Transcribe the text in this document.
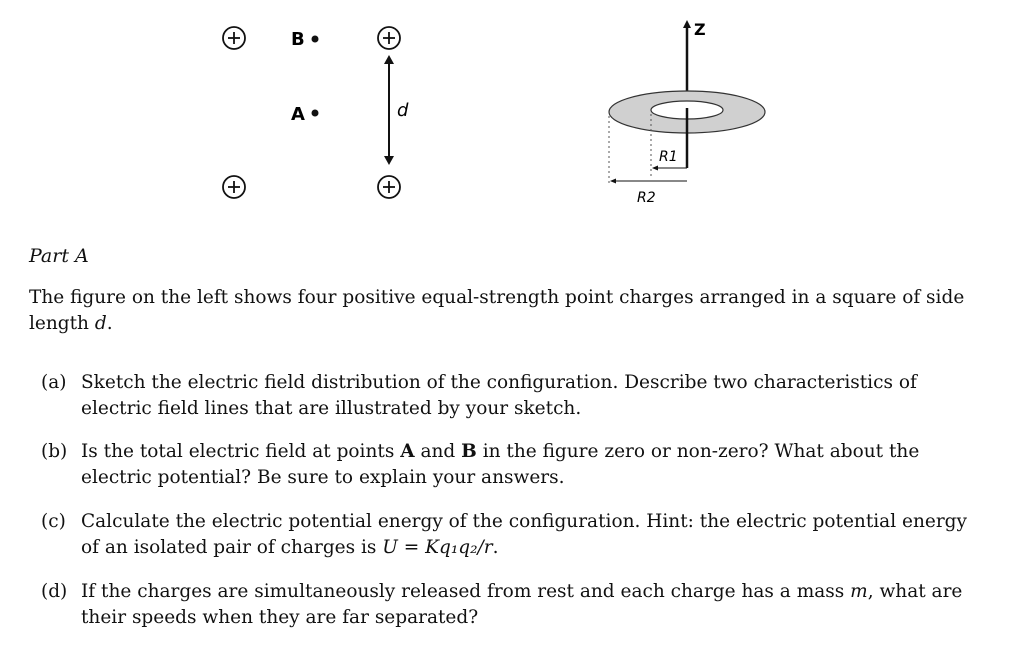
B
A	d
Z
R1
R2
Part A
The figure on the left shows four positive equal-strength point charges arranged in a square of side length d.
(a) Sketch the electric field distribution of the configuration. Describe two characteristics of electric field lines that are illustrated by your sketch.
(b) Is the total electric field at points A and B in the figure zero or non-zero? What about the electric potential? Be sure to explain your answers.
(c) Calculate the electric potential energy of the configuration. Hint: the electric potential energy of an isolated pair of charges is U = Kq₁q₂/r.
(d) If the charges are simultaneously released from rest and each charge has a mass m, what are their speeds when they are far separated?
